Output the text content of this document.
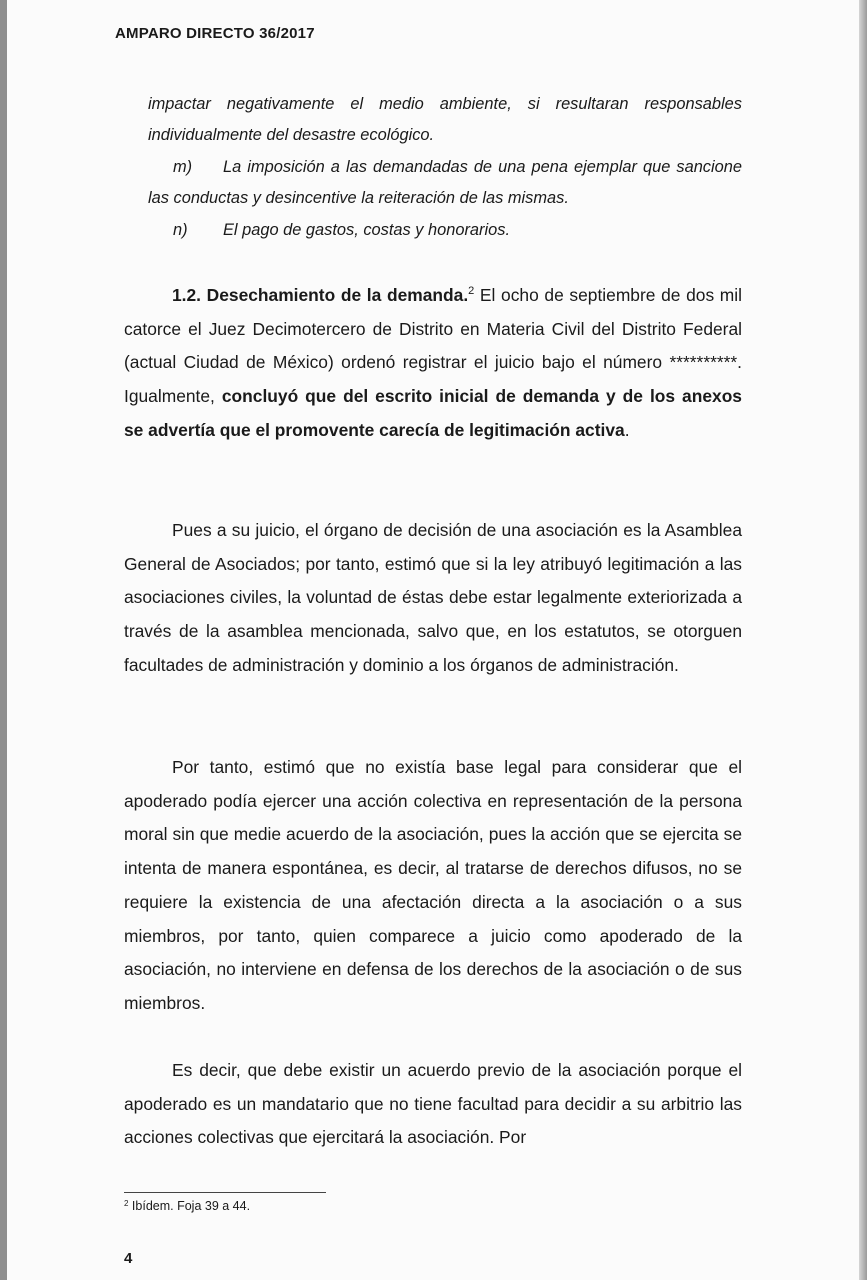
AMPARO DIRECTO 36/2017
impactar negativamente el medio ambiente, si resultaran responsables individualmente del desastre ecológico.
m) La imposición a las demandadas de una pena ejemplar que sancione las conductas y desincentive la reiteración de las mismas.
n) El pago de gastos, costas y honorarios.
1.2. Desechamiento de la demanda.$^2$ El ocho de septiembre de dos mil catorce el Juez Decimotercero de Distrito en Materia Civil del Distrito Federal (actual Ciudad de México) ordenó registrar el juicio bajo el número **********. Igualmente, concluyó que del escrito inicial de demanda y de los anexos se advertía que el promovente carecía de legitimación activa.
Pues a su juicio, el órgano de decisión de una asociación es la Asamblea General de Asociados; por tanto, estimó que si la ley atribuyó legitimación a las asociaciones civiles, la voluntad de éstas debe estar legalmente exteriorizada a través de la asamblea mencionada, salvo que, en los estatutos, se otorguen facultades de administración y dominio a los órganos de administración.
Por tanto, estimó que no existía base legal para considerar que el apoderado podía ejercer una acción colectiva en representación de la persona moral sin que medie acuerdo de la asociación, pues la acción que se ejercita se intenta de manera espontánea, es decir, al tratarse de derechos difusos, no se requiere la existencia de una afectación directa a la asociación o a sus miembros, por tanto, quien comparece a juicio como apoderado de la asociación, no interviene en defensa de los derechos de la asociación o de sus miembros.
Es decir, que debe existir un acuerdo previo de la asociación porque el apoderado es un mandatario que no tiene facultad para decidir a su arbitrio las acciones colectivas que ejercitará la asociación. Por
$^2$ Ibídem. Foja 39 a 44.
4
